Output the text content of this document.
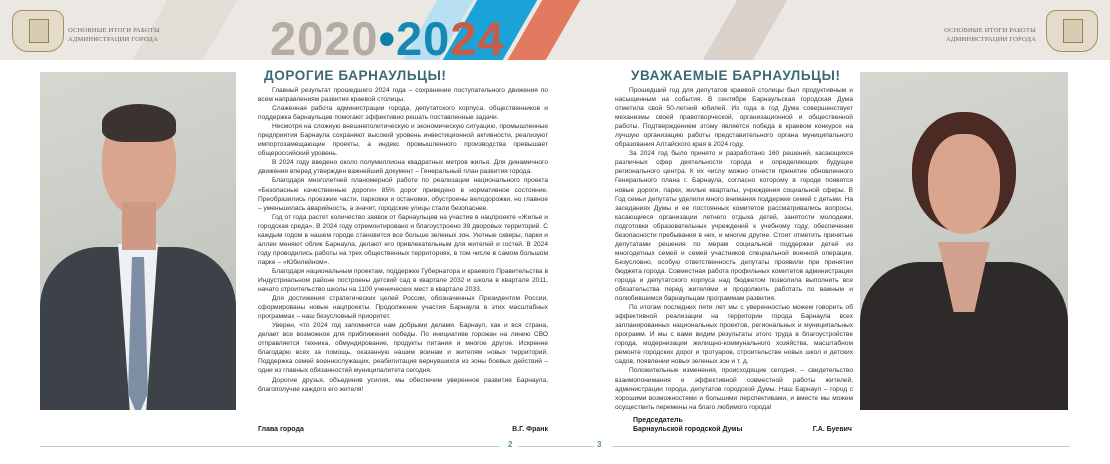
ОСНОВНЫЕ ИТОГИ РАБОТЫ
АДМИНИСТРАЦИИ ГОРОДА 2020•2024	ОСНОВНЫЕ ИТОГИ РАБОТЫ
АДМИНИСТРАЦИИ ГОРОДА
ДОРОГИЕ БАРНАУЛЬЦЫ!

Главный результат прошедшего 2024 года – сохранение поступательного движения по всем направлениям развития краевой столицы.

Слаженная работа администрации города, депутатского корпуса, общественников и поддержка барнаульцев помогают эффективно решать поставленные задачи.

Несмотря на сложную внешнеполитическую и экономическую ситуацию, промышленные предприятия Барнаула сохраняют высокий уровень инвестиционной активности, реализуют импортозамещающие проекты, а индекс промышленного производства превышает общероссийский уровень.

В 2024 году введено около полумиллиона квадратных метров жилья. Для динамичного движения вперед утвержден важнейший документ – Генеральный план развития города.

Благодаря многолетней планомерной работе по реализации национального проекта «Безопасные качественные дороги» 85% дорог приведено в нормативное состояние. Преобразились проезжие части, парковки и остановки, обустроены велодорожки, но главное – уменьшилась аварийность, а значит, городские улицы стали безопаснее.

Год от года растет количество заявок от барнаульцев на участие в нацпроекте «Жилье и городская среда». В 2024 году отремонтировано и благоустроено 39 дворовых территорий. С каждым годом в нашем городе становится все больше зеленых зон. Уютные скверы, парки и аллеи меняют облик Барнаула, делают его привлекательным для жителей и гостей. В 2024 году проводились работы на трех общественных территориях, в том числе в самом большом парке – «Юбилейном».

Благодаря национальным проектам, поддержке Губернатора и краевого Правительства в Индустриальном районе построены детский сад в квартале 2032 и школа в квартале 2011, начато строительство школы на 1100 ученических мест в квартале 2033.

Для достижения стратегических целей России, обозначенных Президентом России, сформированы новые нацпроекты. Продолжение участия Барнаула в этих масштабных программах – наш безусловный приоритет.

Уверен, что 2024 год запомнится нам добрыми делами. Барнаул, как и вся страна, делает все возможное для приближения победы. По инициативе горожан на линию СВО отправляется техника, обмундирование, продукты питания и многое другое. Искренне благодарю всех за помощь, оказанную нашим воинам и жителям новых территорий. Поддержка семей военнослужащих, реабилитация вернувшихся из зоны боевых действий – одни из главных обязанностей муниципалитета сегодня.

Дорогие друзья, объединив усилия, мы обеспечим уверенное развитие Барнаула, благополучие каждого его жителя!

Глава города	В.Г. Франк
УВАЖАЕМЫЕ БАРНАУЛЬЦЫ!

Прошедший год для депутатов краевой столицы был продуктивным и насыщенным на события. В сентябре Барнаульская городская Дума отметила свой 50-летний юбилей. Из года в год Дума совершенствует механизмы своей правотворческой, организационной и общественной работы. Подтверждением этому является победа в краевом конкурсе на лучшую организацию работы представительного органа муниципального образования Алтайского края в 2024 году.

За 2024 год было принято и разработано 160 решений, касающихся различных сфер деятельности города и определяющих будущее регионального центра. К их числу можно отнести принятие обновленного Генерального плана г. Барнаула, согласно которому в городе появятся новые дороги, парки, жилые кварталы, учреждения социальной сферы. В Год семьи депутаты уделили много внимания поддержке семей с детьми. На заседаниях Думы и ее постоянных комитетов рассматривались вопросы, касающиеся организации летнего отдыха детей, занятости молодежи, подготовки образовательных учреждений к учебному году, обеспечения безопасности пребывания в них, и многие другие. Стоит отметить принятые депутатами решения по мерам социальной поддержки детей из многодетных семей и семей участников специальной военной операции. Безусловно, особую ответственность депутаты проявили при принятии бюджета города. Совместная работа профильных комитетов администрации города и депутатского корпуса над бюджетом позволила выполнить все обязательства перед жителями и продолжить работать по важным и полюбившимся барнаульцам программам развития.

По итогам последних пяти лет мы с уверенностью можем говорить об эффективной реализации на территории города Барнаула всех запланированных национальных проектов, региональных и муниципальных программ. И мы с вами видим результаты этого труда в благоустройстве города, модернизации жилищно-коммунального хозяйства, масштабном ремонте городских дорог и тротуаров, строительстве новых школ и детских садов, появлении новых зеленых зон и т. д.

Положительные изменения, происходящие сегодня, – свидетельство взаимопонимания и эффективной совместной работы жителей, администрации города, депутатов городской Думы. Наш Барнаул – город с хорошими возможностями и большими перспективами, и вместе мы можем осуществить перемены на благо любимого города!

Председатель
Барнаульской городской Думы	Г.А. Буевич
2	3
